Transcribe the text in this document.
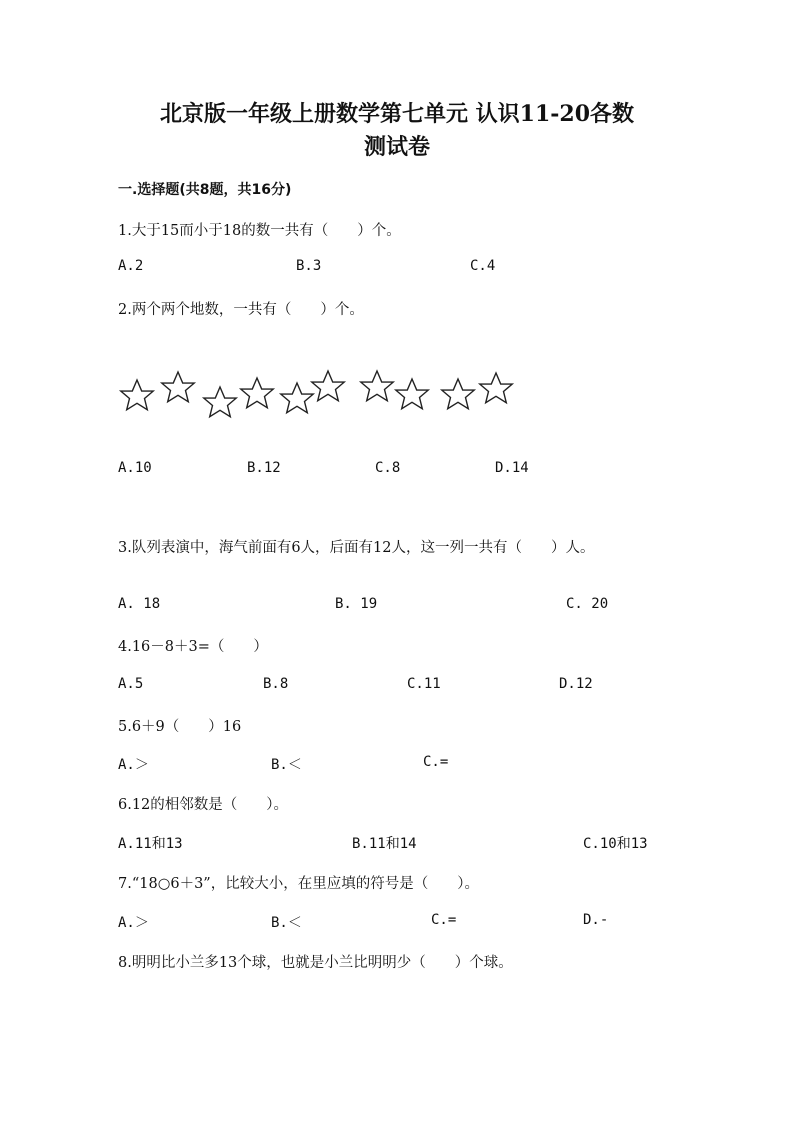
北京版一年级上册数学第七单元 认识11-20各数
测试卷
一.选择题(共8题，共16分)
1.大于15而小于18的数一共有（　　）个。
A.2	B.3	C.4
2.两个两个地数，一共有（　　）个。
A.10	B.12	C.8	D.14
3.队列表演中，海气前面有6人，后面有12人，这一列一共有（　　）人。
A. 18	B. 19	C. 20
4.16－8＋3=（　　）
A.5	B.8	C.11	D.12
5.6＋9（　　）16
A.＞	B.＜	C.=
6.12的相邻数是（　　）。
A.11和13	B.11和14	C.10和13
7.“18○6＋3”，比较大小，在里应填的符号是（　　）。
A.＞	B.＜	C.=	D.-
8.明明比小兰多13个球，也就是小兰比明明少（　　）个球。
